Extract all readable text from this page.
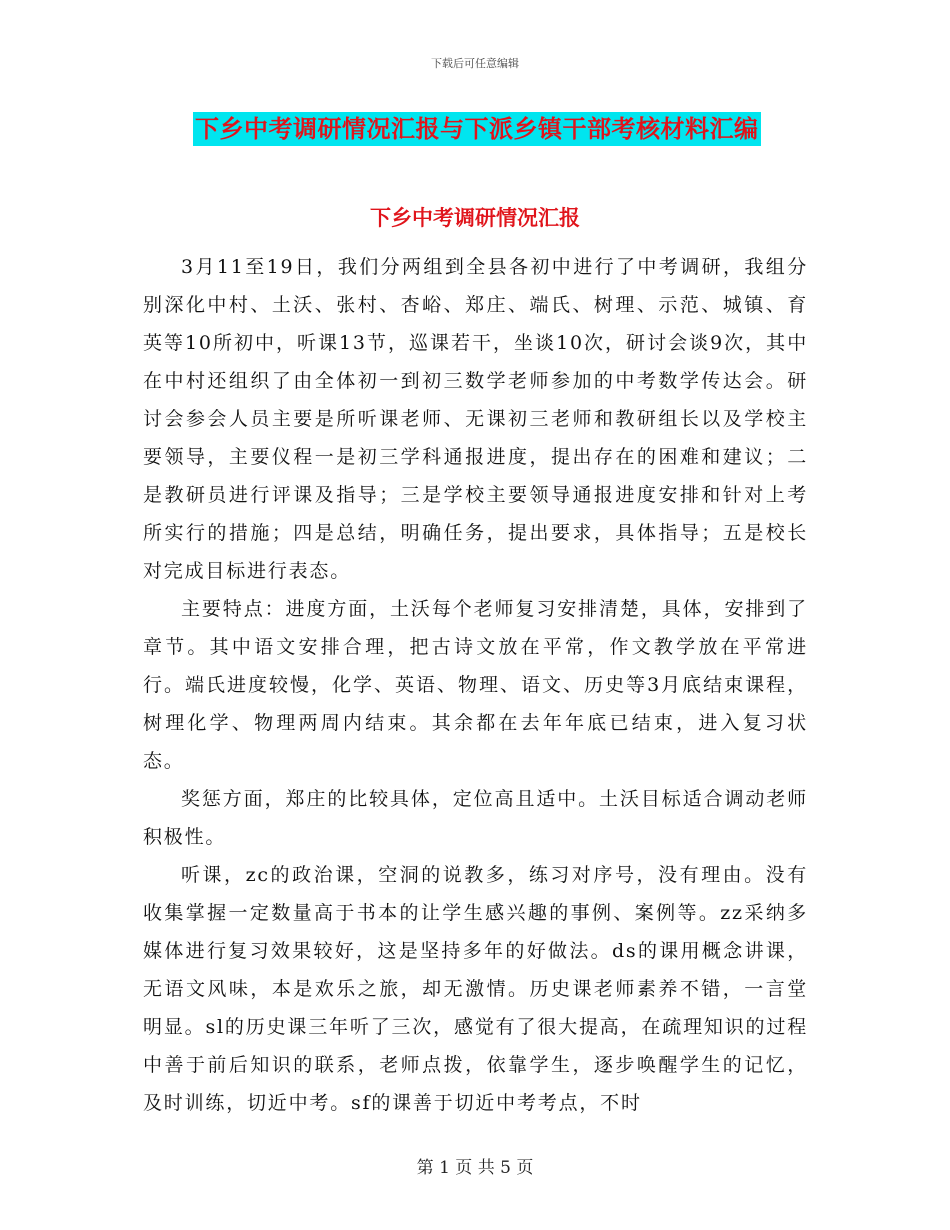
下载后可任意编辑
下乡中考调研情况汇报与下派乡镇干部考核材料汇编
下乡中考调研情况汇报

3月11至19日，我们分两组到全县各初中进行了中考调研，我组分别深化中村、土沃、张村、杏峪、郑庄、端氏、树理、示范、城镇、育英等10所初中，听课13节，巡课若干，坐谈10次，研讨会谈9次，其中在中村还组织了由全体初一到初三数学老师参加的中考数学传达会。研讨会参会人员主要是所听课老师、无课初三老师和教研组长以及学校主要领导，主要仪程一是初三学科通报进度，提出存在的困难和建议；二是教研员进行评课及指导；三是学校主要领导通报进度安排和针对上考所实行的措施；四是总结，明确任务，提出要求，具体指导；五是校长对完成目标进行表态。

主要特点：进度方面，土沃每个老师复习安排清楚，具体，安排到了章节。其中语文安排合理，把古诗文放在平常，作文教学放在平常进行。端氏进度较慢，化学、英语、物理、语文、历史等3月底结束课程，树理化学、物理两周内结束。其余都在去年年底已结束，进入复习状态。

奖惩方面，郑庄的比较具体，定位高且适中。土沃目标适合调动老师积极性。

听课，zc的政治课，空洞的说教多，练习对序号，没有理由。没有收集掌握一定数量高于书本的让学生感兴趣的事例、案例等。zz采纳多媒体进行复习效果较好，这是坚持多年的好做法。ds的课用概念讲课，无语文风味，本是欢乐之旅，却无激情。历史课老师素养不错，一言堂明显。sl的历史课三年听了三次，感觉有了很大提高，在疏理知识的过程中善于前后知识的联系，老师点拨，依靠学生，逐步唤醒学生的记忆，及时训练，切近中考。sf的课善于切近中考考点，不时

第 1 页 共 5 页
